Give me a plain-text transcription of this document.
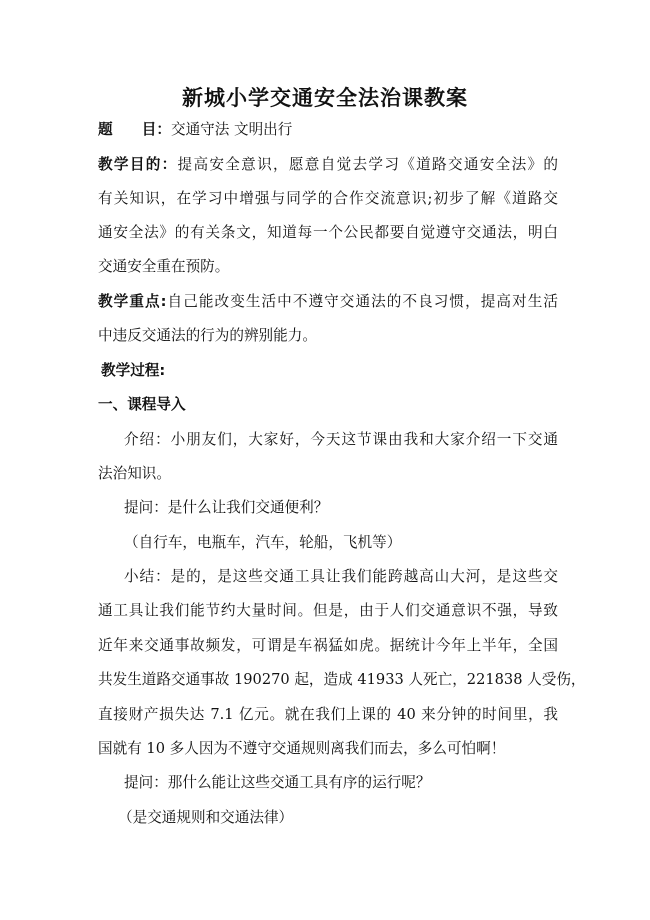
新城小学交通安全法治课教案
题　　目：交通守法 文明出行
教学目的：提高安全意识，愿意自觉去学习《道路交通安全法》的
有关知识，在学习中增强与同学的合作交流意识;初步了解《道路交
通安全法》的有关条文，知道每一个公民都要自觉遵守交通法，明白
交通安全重在预防。
教学重点:自己能改变生活中不遵守交通法的不良习惯，提高对生活
中违反交通法的行为的辨别能力。
教学过程:
一、课程导入
介绍：小朋友们，大家好，今天这节课由我和大家介绍一下交通
法治知识。
提问：是什么让我们交通便利？
（自行车，电瓶车，汽车，轮船，飞机等）
小结：是的，是这些交通工具让我们能跨越高山大河，是这些交
通工具让我们能节约大量时间。但是，由于人们交通意识不强，导致
近年来交通事故频发，可谓是车祸猛如虎。据统计今年上半年，全国
共发生道路交通事故 190270 起，造成 41933 人死亡，221838 人受伤，
直接财产损失达 7.1 亿元。就在我们上课的 40 来分钟的时间里，我
国就有 10 多人因为不遵守交通规则离我们而去，多么可怕啊！
提问：那什么能让这些交通工具有序的运行呢？
（是交通规则和交通法律）
